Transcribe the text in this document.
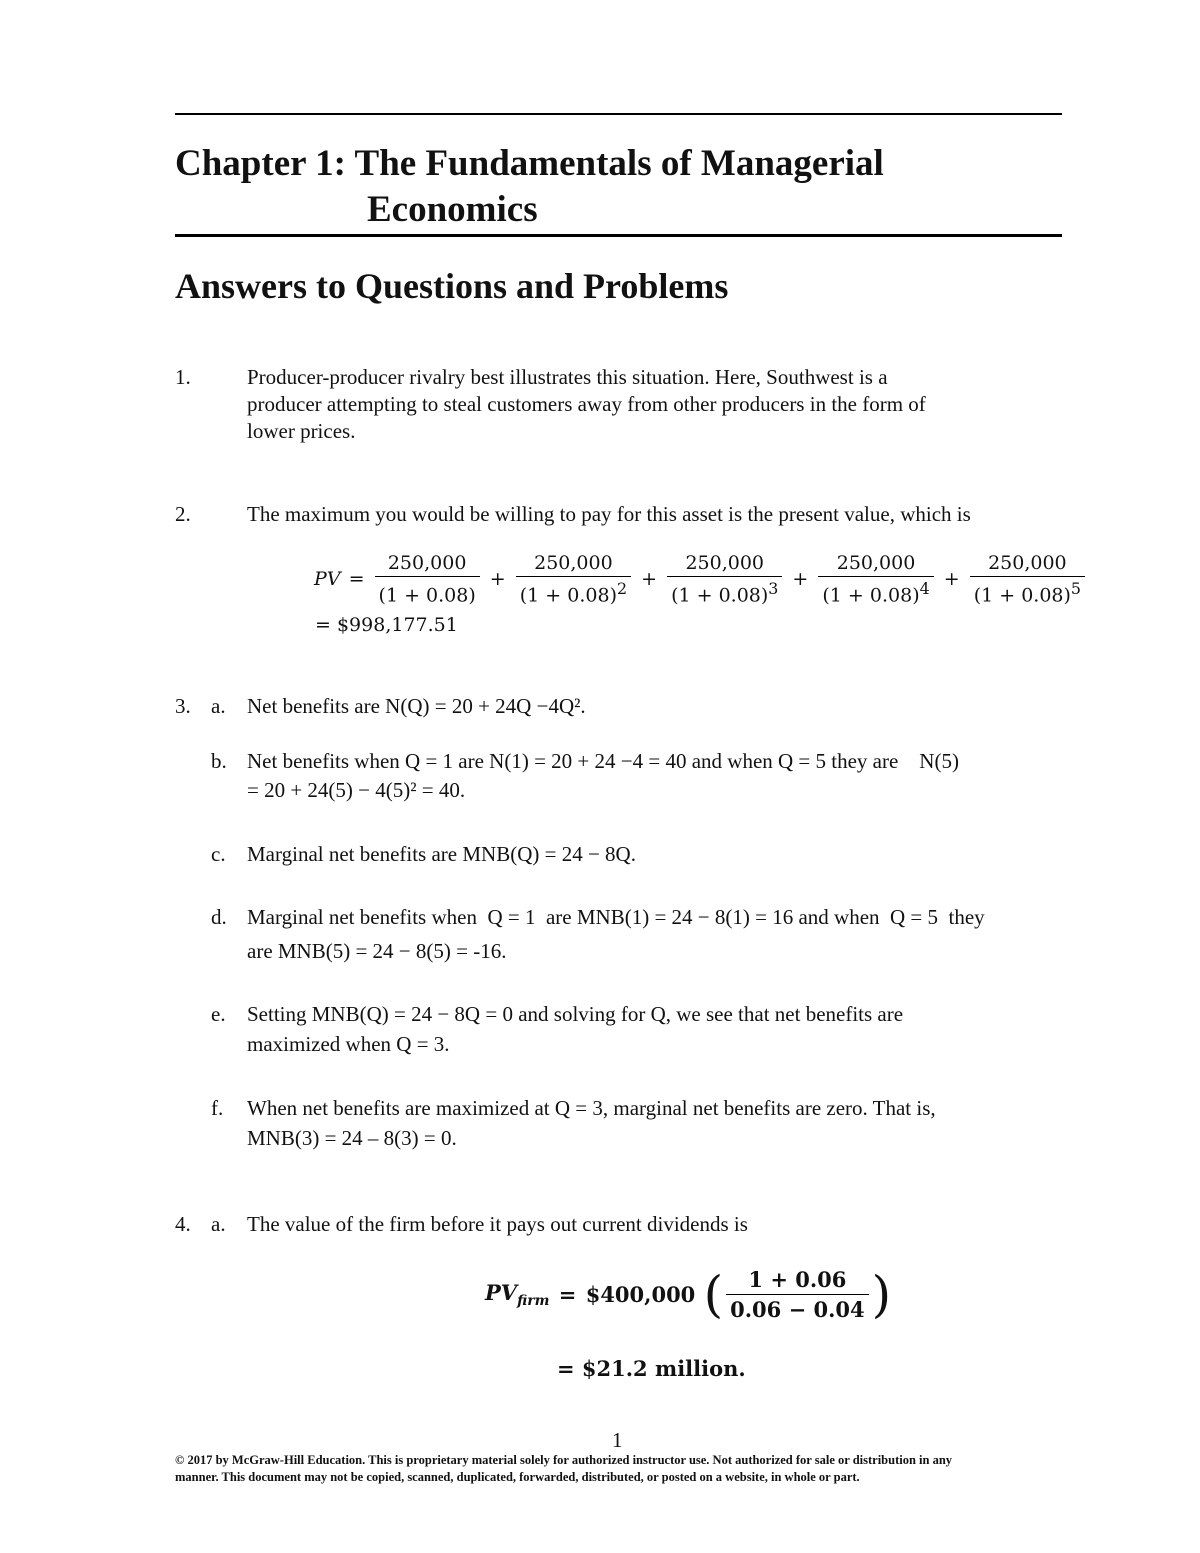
Chapter 1: The Fundamentals of Managerial
Economics
Answers to Questions and Problems
1.	Producer-producer rivalry best illustrates this situation. Here, Southwest is a
producer attempting to steal customers away from other producers in the form of
lower prices.
2.	The maximum you would be willing to pay for this asset is the present value, which is
PV = $\frac{250,000}{(1 + 0.08)} + \frac{250,000}{(1 + 0.08)^2} + \frac{250,000}{(1 + 0.08)^3} + \frac{250,000}{(1 + 0.08)^4} + \frac{250,000}{(1 + 0.08)^5}$
= $998,177.51
3. a. Net benefits are N(Q) = 20 + 24Q −4Q².
b. Net benefits when Q = 1 are N(1) = 20 + 24 −4 = 40 and when Q = 5 they are    N(5)
= 20 + 24(5) − 4(5)² = 40.
c. Marginal net benefits are MNB(Q) = 24 − 8Q.
d. Marginal net benefits when  Q = 1  are MNB(1) = 24 − 8(1) = 16 and when  Q = 5  they
are MNB(5) = 24 − 8(5) = -16.
e. Setting MNB(Q) = 24 − 8Q = 0 and solving for Q, we see that net benefits are
maximized when Q = 3.
f. When net benefits are maximized at Q = 3, marginal net benefits are zero. That is,
MNB(3) = 24 – 8(3) = 0.
4. a. The value of the firm before it pays out current dividends is
$PV_{firm}$ = $400,000 ( $\frac{1 + 0.06}{0.06 - 0.04}$ )
= $21.2 million.
1
© 2017 by McGraw-Hill Education. This is proprietary material solely for authorized instructor use. Not authorized for sale or distribution in any
manner. This document may not be copied, scanned, duplicated, forwarded, distributed, or posted on a website, in whole or part.
